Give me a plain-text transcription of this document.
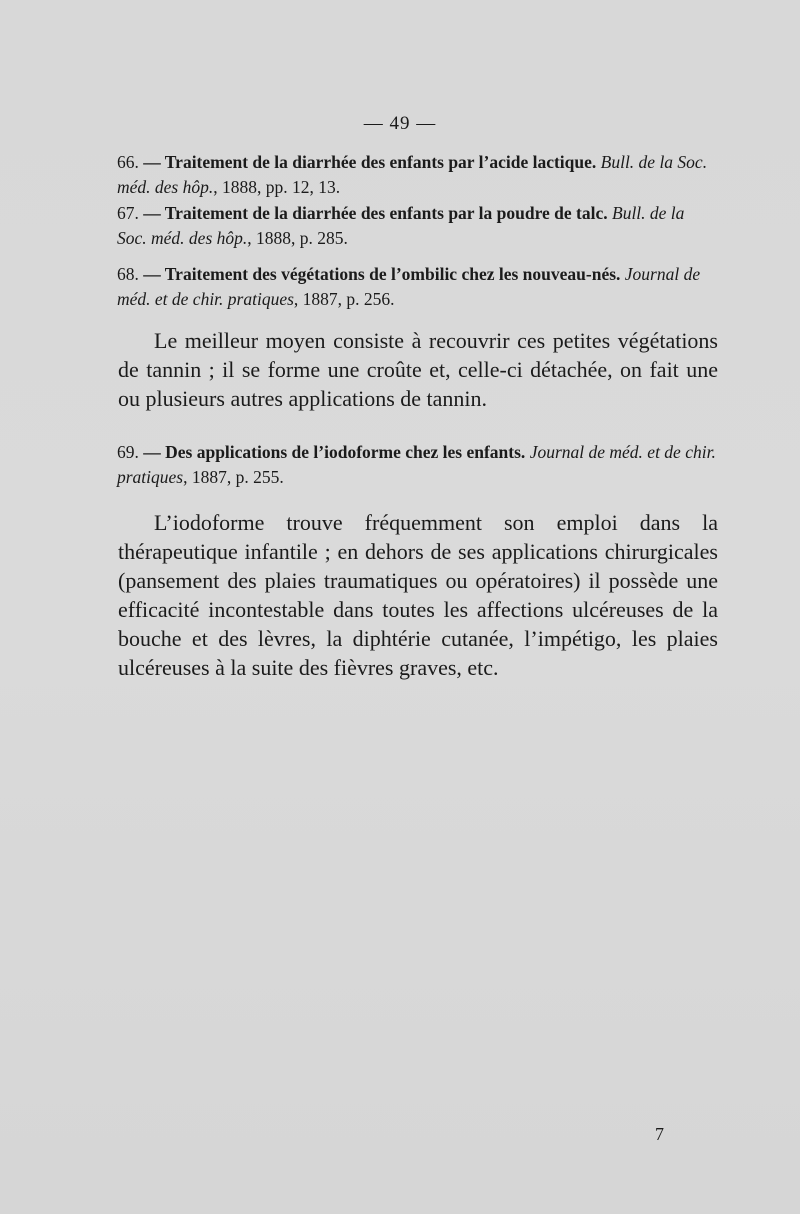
— 49 —
66. — Traitement de la diarrhée des enfants par l’acide lactique. Bull. de la Soc. méd. des hôp., 1888, pp. 12, 13.
67. — Traitement de la diarrhée des enfants par la poudre de talc. Bull. de la Soc. méd. des hôp., 1888, p. 285.
68. — Traitement des végétations de l’ombilic chez les nouveau-nés. Journal de méd. et de chir. pratiques, 1887, p. 256.

Le meilleur moyen consiste à recouvrir ces petites végétations de tannin ; il se forme une croûte et, celle-ci détachée, on fait une ou plusieurs autres applications de tannin.

69. — Des applications de l’iodoforme chez les enfants. Journal de méd. et de chir. pratiques, 1887, p. 255.

L’iodoforme trouve fréquemment son emploi dans la thérapeutique infantile ; en dehors de ses applications chirurgicales (pansement des plaies traumatiques ou opératoires) il possède une efficacité incontestable dans toutes les affections ulcéreuses de la bouche et des lèvres, la diphtérie cutanée, l’impétigo, les plaies ulcéreuses à la suite des fièvres graves, etc.

7
